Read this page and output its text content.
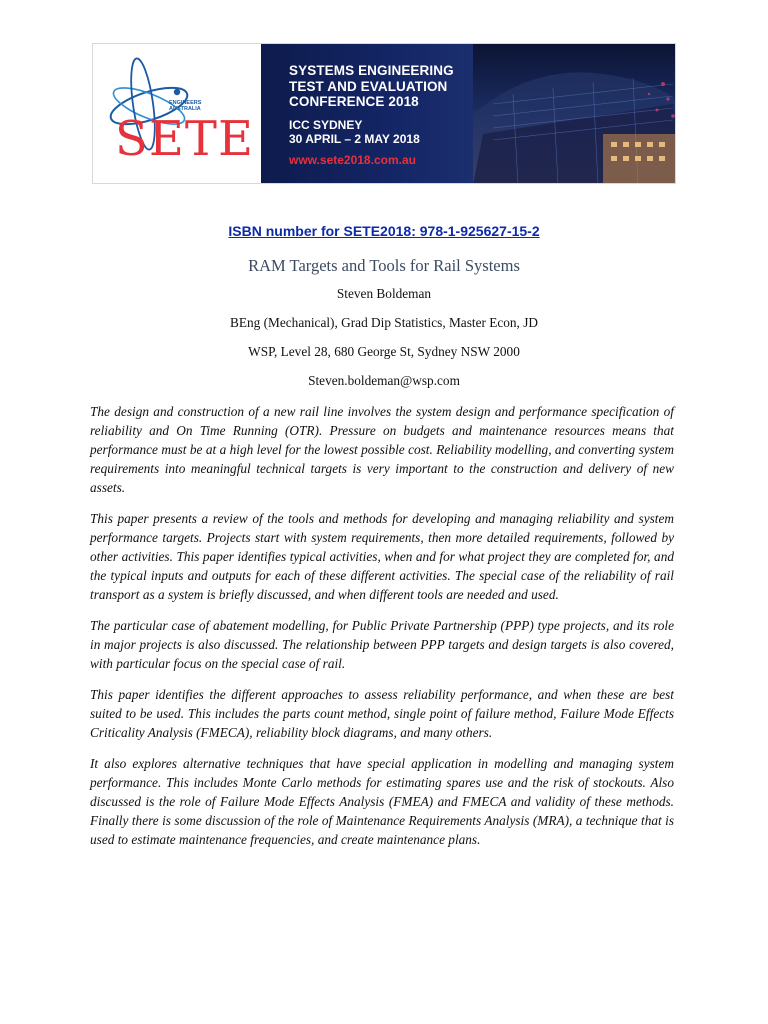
ENGINEERS AUSTRALIA
SETE
SYSTEMS ENGINEERING
TEST AND EVALUATION
CONFERENCE 2018
ICC SYDNEY
30 APRIL – 2 MAY 2018
www.sete2018.com.au
ISBN number for SETE2018: 978-1-925627-15-2
RAM Targets and Tools for Rail Systems
Steven Boldeman
BEng (Mechanical), Grad Dip Statistics, Master Econ, JD
WSP, Level 28, 680 George St, Sydney NSW 2000
Steven.boldeman@wsp.com

The design and construction of a new rail line involves the system design and performance specification of reliability and On Time Running (OTR). Pressure on budgets and maintenance resources means that performance must be at a high level for the lowest possible cost. Reliability modelling, and converting system requirements into meaningful technical targets is very important to the construction and delivery of new assets.

This paper presents a review of the tools and methods for developing and managing reliability and system performance targets. Projects start with system requirements, then more detailed requirements, followed by other activities. This paper identifies typical activities, when and for what project they are completed for, and the typical inputs and outputs for each of these different activities. The special case of the reliability of rail transport as a system is briefly discussed, and when different tools are needed and used.

The particular case of abatement modelling, for Public Private Partnership (PPP) type projects, and its role in major projects is also discussed. The relationship between PPP targets and design targets is also covered, with particular focus on the special case of rail.

This paper identifies the different approaches to assess reliability performance, and when these are best suited to be used. This includes the parts count method, single point of failure method, Failure Mode Effects Criticality Analysis (FMECA), reliability block diagrams, and many others.

It also explores alternative techniques that have special application in modelling and managing system performance. This includes Monte Carlo methods for estimating spares use and the risk of stockouts. Also discussed is the role of Failure Mode Effects Analysis (FMEA) and FMECA and validity of these methods. Finally there is some discussion of the role of Maintenance Requirements Analysis (MRA), a technique that is used to estimate maintenance frequencies, and create maintenance plans.
